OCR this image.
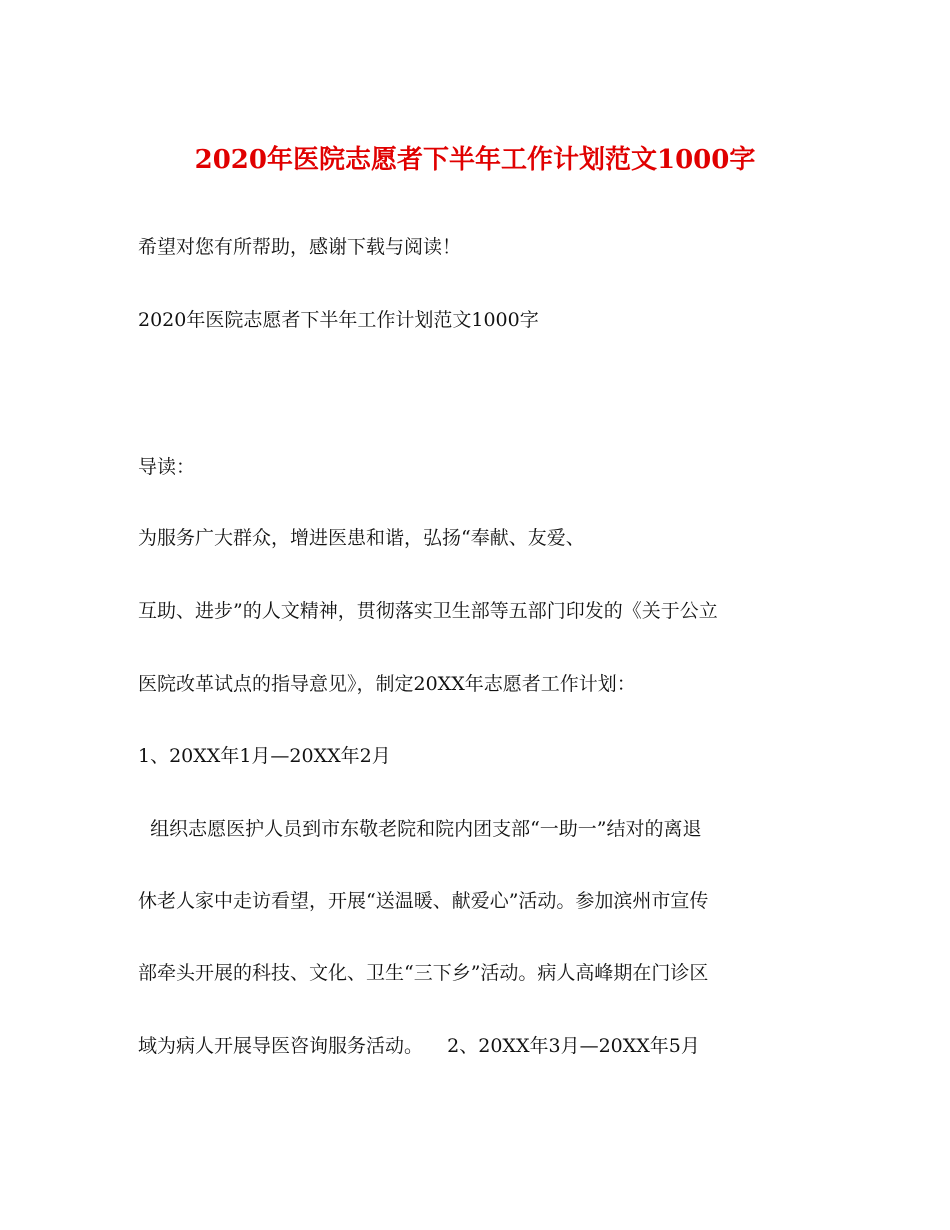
2020年医院志愿者下半年工作计划范文1000字
希望对您有所帮助，感谢下载与阅读！
2020年医院志愿者下半年工作计划范文1000字
导读：
为服务广大群众，增进医患和谐，弘扬“奉献、友爱、
互助、进步”的人文精神，贯彻落实卫生部等五部门印发的《关于公立
医院改革试点的指导意见》，制定20XX年志愿者工作计划：
1、20XX年1月—20XX年2月
组织志愿医护人员到市东敬老院和院内团支部“一助一”结对的离退
休老人家中走访看望，开展“送温暖、献爱心”活动。参加滨州市宣传
部牵头开展的科技、文化、卫生“三下乡”活动。病人高峰期在门诊区
域为病人开展导医咨询服务活动。    2、20XX年3月—20XX年5月
